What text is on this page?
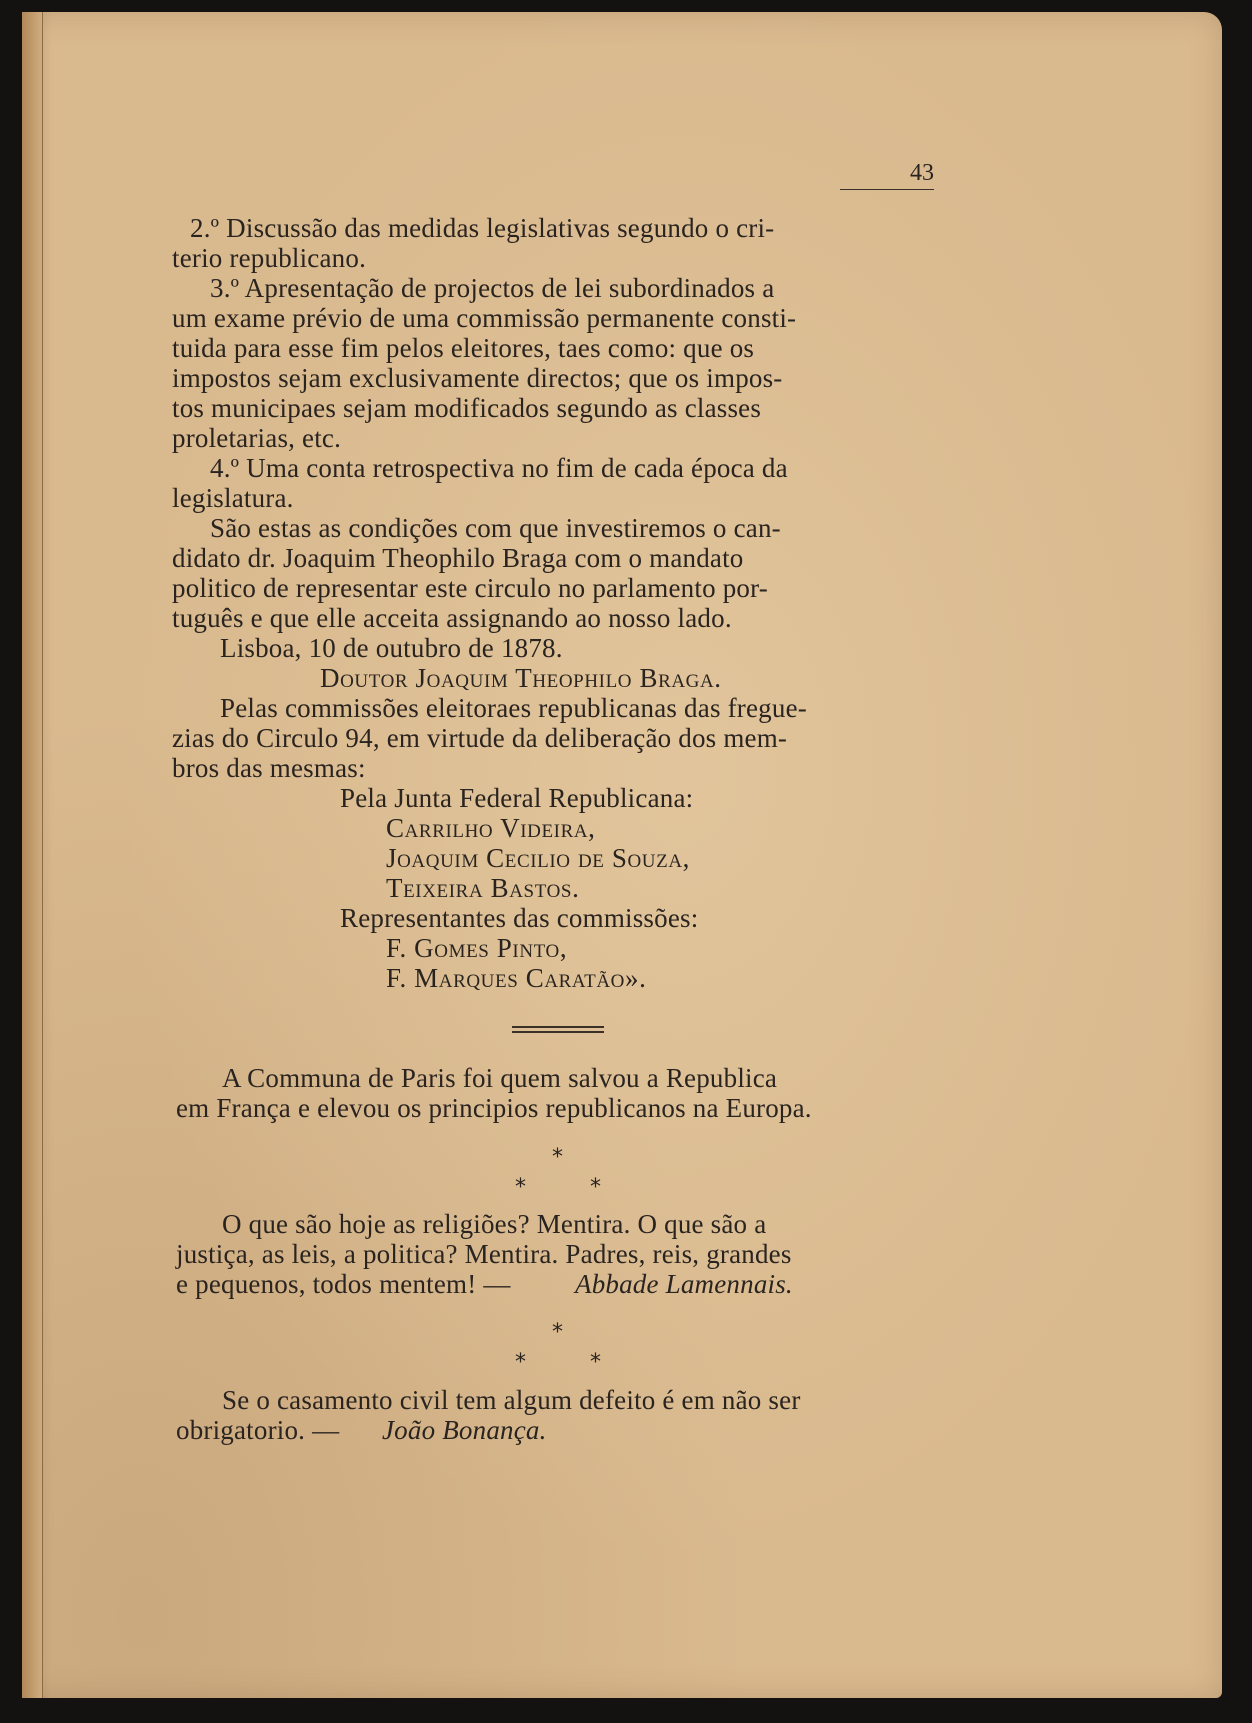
43
2.º Discussão das medidas legislativas segundo o cri-
terio republicano.
3.º Apresentação de projectos de lei subordinados a
um exame prévio de uma commissão permanente consti-
tuida para esse fim pelos eleitores, taes como: que os
impostos sejam exclusivamente directos; que os impos-
tos municipaes sejam modificados segundo as classes
proletarias, etc.
4.º Uma conta retrospectiva no fim de cada época da
legislatura.
São estas as condições com que investiremos o can-
didato dr. Joaquim Theophilo Braga com o mandato
politico de representar este circulo no parlamento por-
tuguês e que elle acceita assignando ao nosso lado.
Lisboa, 10 de outubro de 1878.
Doutor Joaquim Theophilo Braga.
Pelas commissões eleitoraes republicanas das fregue-
zias do Circulo 94, em virtude da deliberação dos mem-
bros das mesmas:
Pela Junta Federal Republicana:
Carrilho Videira,
Joaquim Cecilio de Souza,
Teixeira Bastos.
Representantes das commissões:
F. Gomes Pinto,
F. Marques Caratão».
A Communa de Paris foi quem salvou a Republica
em França e elevou os principios republicanos na Europa.
*
*	*
O que são hoje as religiões? Mentira. O que são a
justiça, as leis, a politica? Mentira. Padres, reis, grandes
e pequenos, todos mentem! — Abbade Lamennais.
*
*	*
Se o casamento civil tem algum defeito é em não ser
obrigatorio. — João Bonança.
